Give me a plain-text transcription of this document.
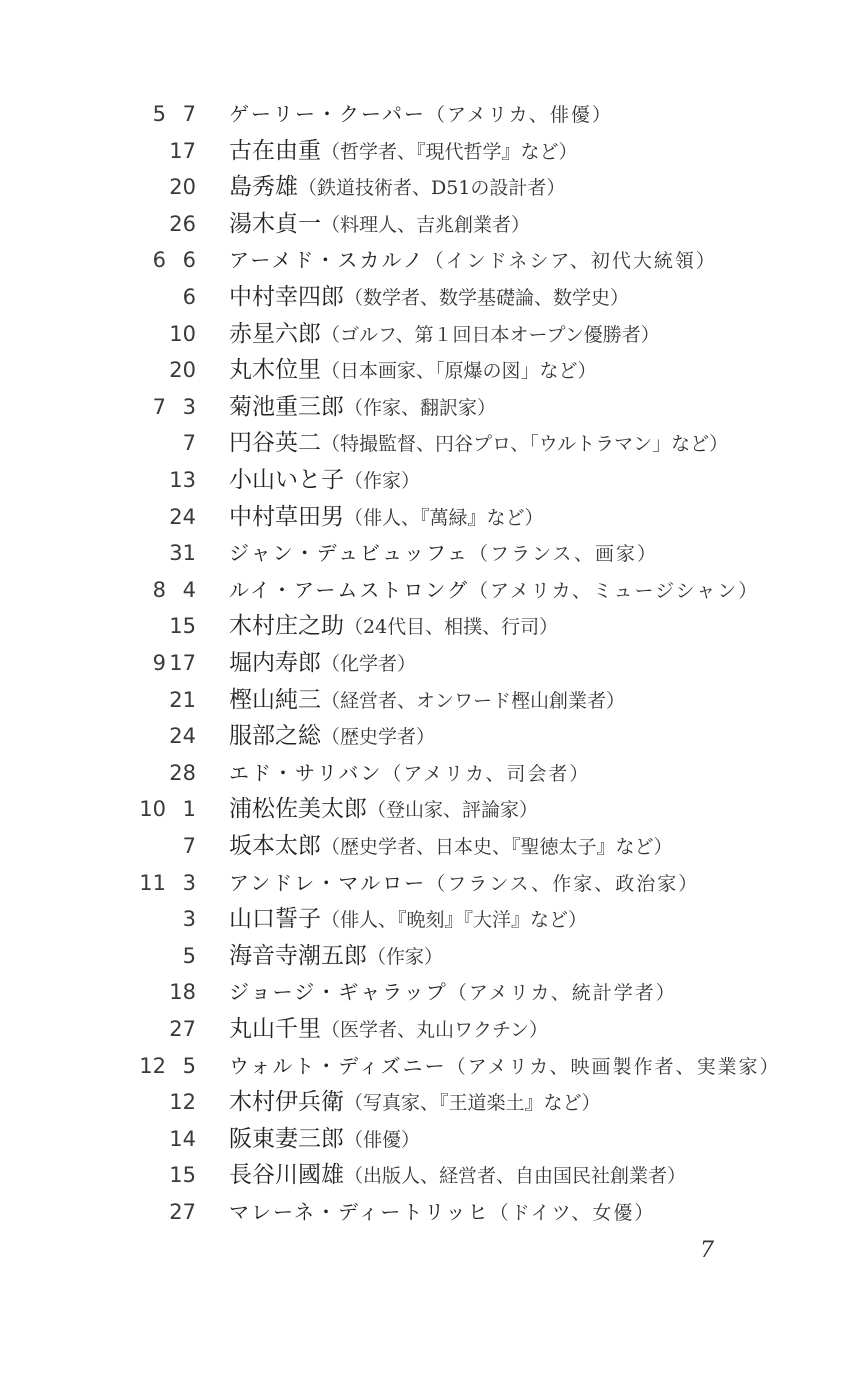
5 7 ゲーリー・クーパー（アメリカ、俳優）
17 古在由重（哲学者、『現代哲学』など）
20 島秀雄（鉄道技術者、D51の設計者）
26 湯木貞一（料理人、吉兆創業者）
6 6 アーメド・スカルノ（インドネシア、初代大統領）
6 中村幸四郎（数学者、数学基礎論、数学史）
10 赤星六郎（ゴルフ、第１回日本オープン優勝者）
20 丸木位里（日本画家、「原爆の図」など）
7 3 菊池重三郎（作家、翻訳家）
7 円谷英二（特撮監督、円谷プロ、「ウルトラマン」など）
13 小山いと子（作家）
24 中村草田男（俳人、『萬緑』など）
31 ジャン・デュビュッフェ（フランス、画家）
8 4 ルイ・アームストロング（アメリカ、ミュージシャン）
15 木村庄之助（24代目、相撲、行司）
9 17 堀内寿郎（化学者）
21 樫山純三（経営者、オンワード樫山創業者）
24 服部之総（歴史学者）
28 エド・サリバン（アメリカ、司会者）
10 1 浦松佐美太郎（登山家、評論家）
7 坂本太郎（歴史学者、日本史、『聖徳太子』など）
11 3 アンドレ・マルロー（フランス、作家、政治家）
3 山口誓子（俳人、『晩刻』『大洋』など）
5 海音寺潮五郎（作家）
18 ジョージ・ギャラップ（アメリカ、統計学者）
27 丸山千里（医学者、丸山ワクチン）
12 5 ウォルト・ディズニー（アメリカ、映画製作者、実業家）
12 木村伊兵衛（写真家、『王道楽土』など）
14 阪東妻三郎（俳優）
15 長谷川國雄（出版人、経営者、自由国民社創業者）
27 マレーネ・ディートリッヒ（ドイツ、女優）
7
